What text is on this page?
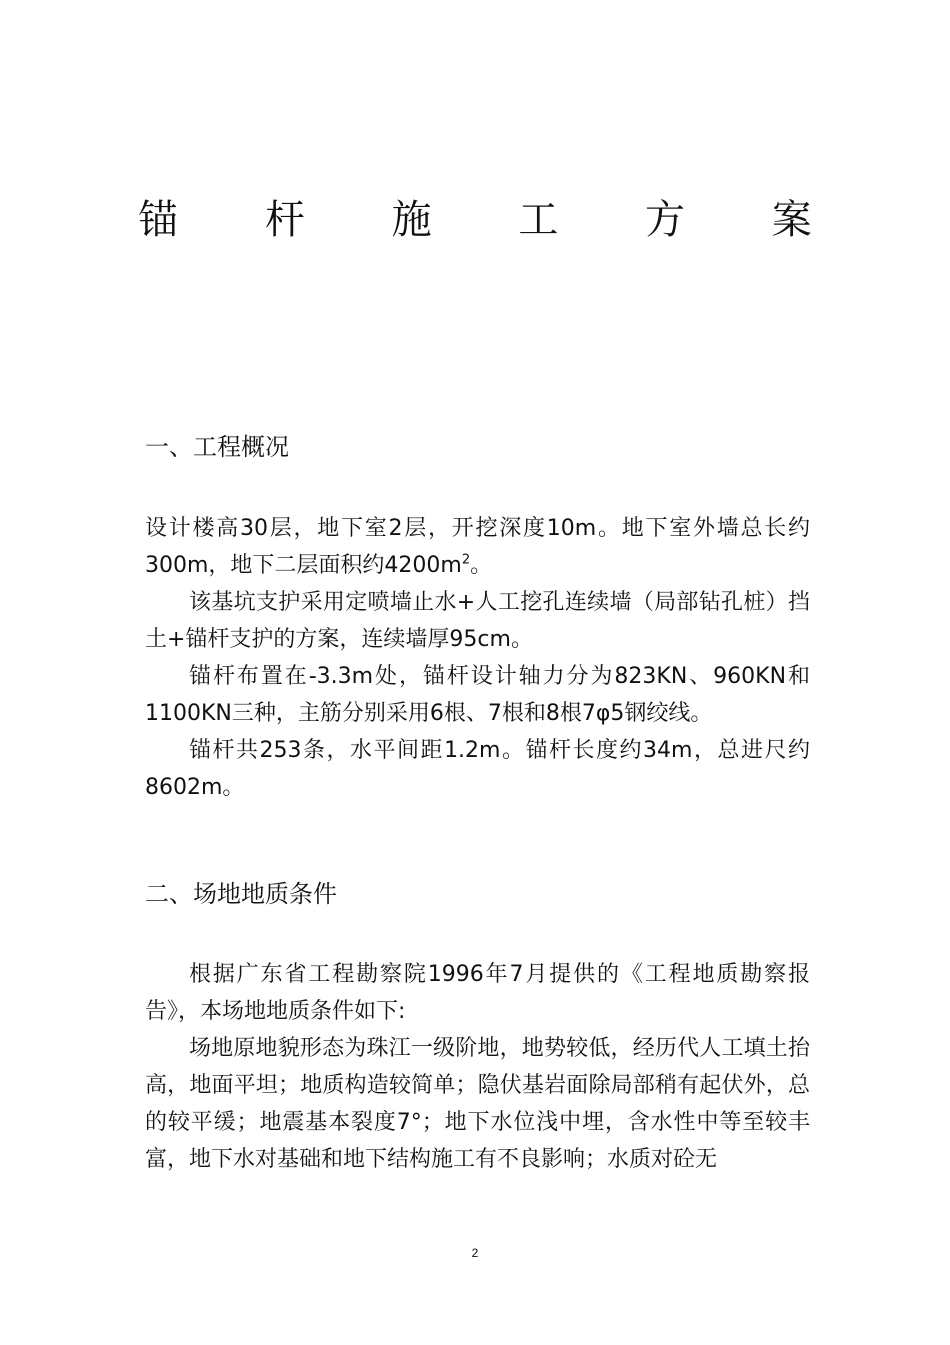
锚 杆 施 工 方 案
一、工程概况

设计楼高30层，地下室2层，开挖深度10m。地下室外墙总长约300m，地下二层面积约$4200m^2$。

该基坑支护采用定喷墙止水+人工挖孔连续墙（局部钻孔桩）挡土+锚杆支护的方案，连续墙厚95cm。

锚杆布置在-3.3m处，锚杆设计轴力分为823KN、960KN和1100KN三种，主筋分别采用6根、7根和8根7φ5钢绞线。

锚杆共253条，水平间距1.2m。锚杆长度约34m，总进尺约8602m。

二、场地地质条件

根据广东省工程勘察院1996年7月提供的《工程地质勘察报告》，本场地地质条件如下:

场地原地貌形态为珠江一级阶地，地势较低，经历代人工填土抬高，地面平坦；地质构造较简单；隐伏基岩面除局部稍有起伏外，总的较平缓；地震基本裂度7°；地下水位浅中埋，含水性中等至较丰富，地下水对基础和地下结构施工有不良影响；水质对砼无

2
